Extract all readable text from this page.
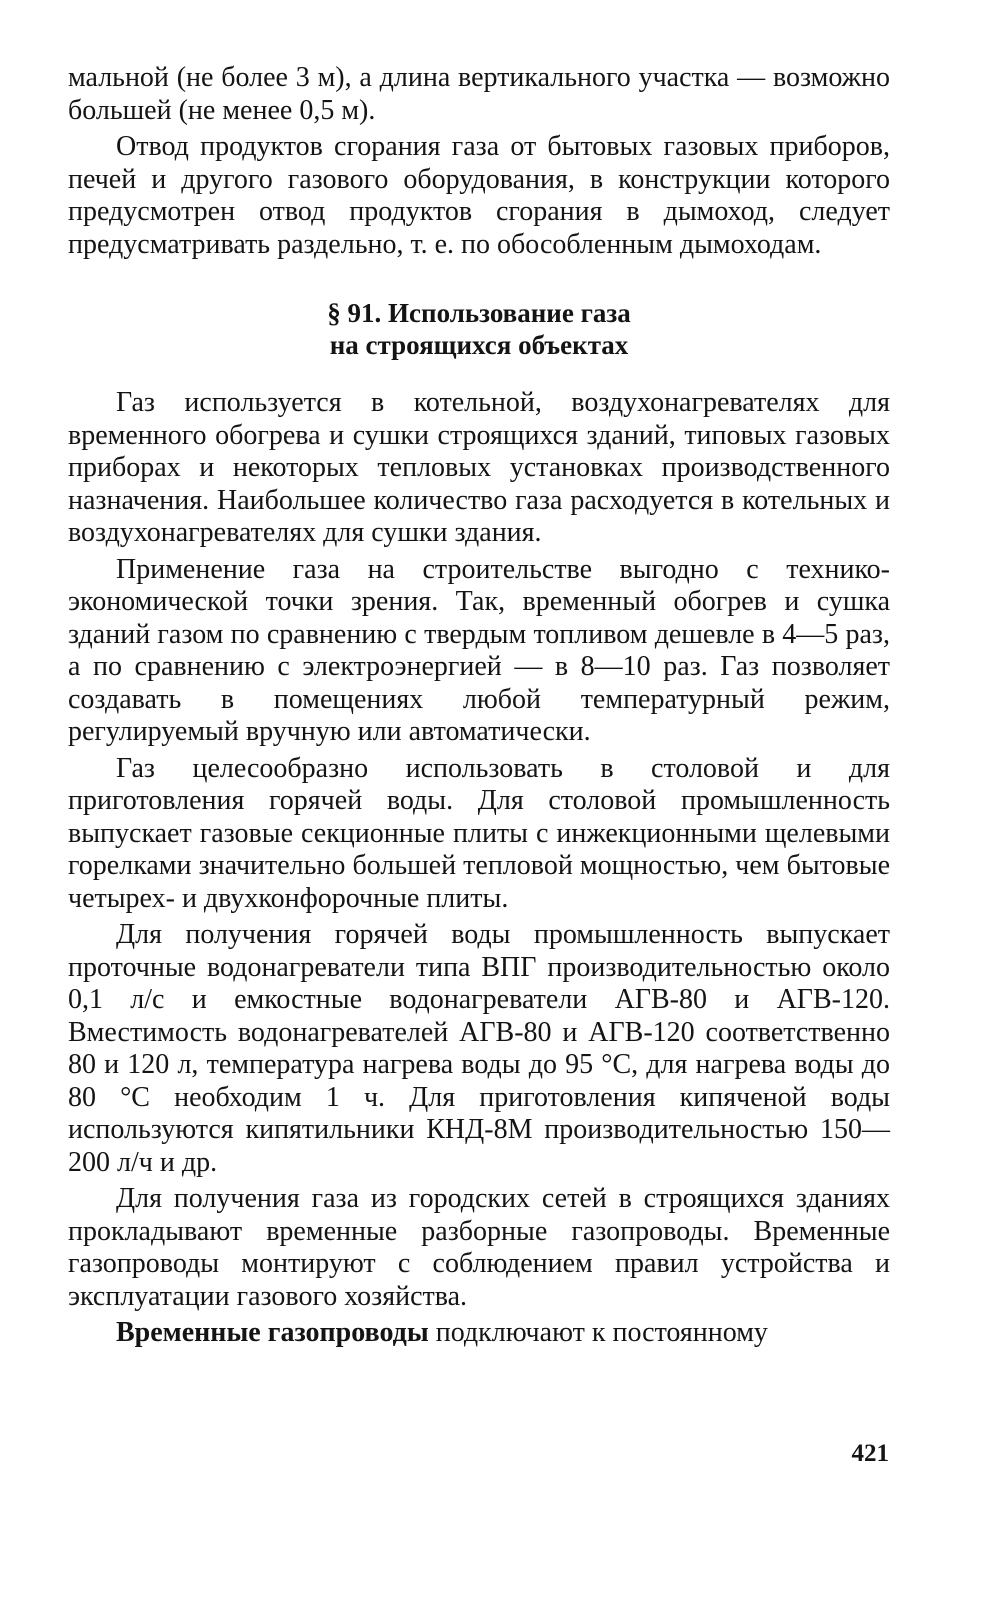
мальной (не более 3 м), а длина вертикального участка — возможно большей (не менее 0,5 м).

Отвод продуктов сгорания газа от бытовых газовых приборов, печей и другого газового оборудования, в конструкции которого предусмотрен отвод продуктов сгорания в дымоход, следует предусматривать раздельно, т. е. по обособленным дымоходам.

§ 91. Использование газа
на строящихся объектах

Газ используется в котельной, воздухонагревателях для временного обогрева и сушки строящихся зданий, типовых газовых приборах и некоторых тепловых установках производственного назначения. Наибольшее количество газа расходуется в котельных и воздухонагревателях для сушки здания.

Применение газа на строительстве выгодно с технико-экономической точки зрения. Так, временный обогрев и сушка зданий газом по сравнению с твердым топливом дешевле в 4—5 раз, а по сравнению с электроэнергией — в 8—10 раз. Газ позволяет создавать в помещениях любой температурный режим, регулируемый вручную или автоматически.

Газ целесообразно использовать в столовой и для приготовления горячей воды. Для столовой промышленность выпускает газовые секционные плиты с инжекционными щелевыми горелками значительно большей тепловой мощностью, чем бытовые четырех- и двухконфорочные плиты.

Для получения горячей воды промышленность выпускает проточные водонагреватели типа ВПГ производительностью около 0,1 л/с и емкостные водонагреватели АГВ-80 и АГВ-120. Вместимость водонагревателей АГВ-80 и АГВ-120 соответственно 80 и 120 л, температура нагрева воды до 95 °С, для нагрева воды до 80 °С необходим 1 ч. Для приготовления кипяченой воды используются кипятильники КНД-8М производительностью 150—200 л/ч и др.

Для получения газа из городских сетей в строящихся зданиях прокладывают временные разборные газопроводы. Временные газопроводы монтируют с соблюдением правил устройства и эксплуатации газового хозяйства.

Временные газопроводы подключают к постоянному

421
